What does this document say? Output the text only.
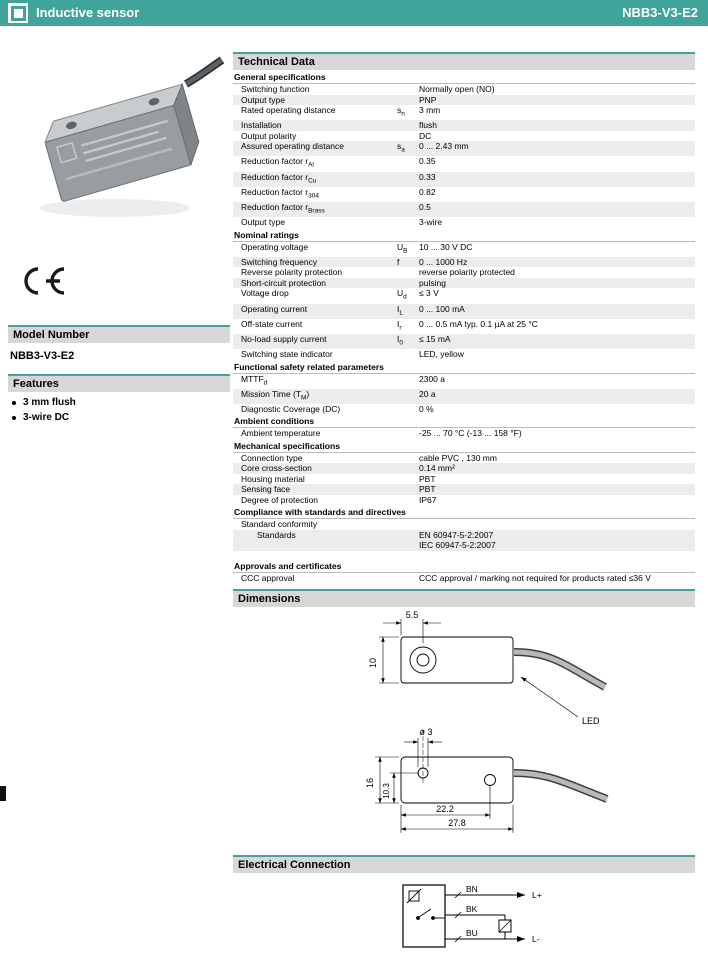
Inductive sensor	NBB3-V3-E2
Model Number
NBB3-V3-E2
Features
3 mm flush
3-wire DC
Technical Data
General specifications
Switching function	Normally open (NO)
Output type	PNP
Rated operating distance	$s_n$	3 mm
Installation	flush
Output polarity	DC
Assured operating distance	$s_a$	0 ... 2.43 mm
Reduction factor $r_{Al}$	0.35
Reduction factor $r_{Cu}$	0.33
Reduction factor $r_{304}$	0.82
Reduction factor $r_{Brass}$	0.5
Output type	3-wire
Nominal ratings
Operating voltage	$U_B$	10 ... 30 V DC
Switching frequency	f	0 ... 1000 Hz
Reverse polarity protection	reverse polarity protected
Short-circuit protection	pulsing
Voltage drop	$U_d$	≤ 3 V
Operating current	$I_L$	0 ... 100 mA
Off-state current	$I_r$	0 ... 0.5 mA typ. 0.1 µA at 25 °C
No-load supply current	$I_0$	≤ 15 mA
Switching state indicator	LED, yellow
Functional safety related parameters
$MTTF_d$	2300 a
Mission Time $(T_M)$	20 a
Diagnostic Coverage (DC)	0 %
Ambient conditions
Ambient temperature	-25 ... 70 °C (-13 ... 158 °F)
Mechanical specifications
Connection type	cable PVC , 130 mm
Core cross-section	0.14 mm²
Housing material	PBT
Sensing face	PBT
Degree of protection	IP67
Compliance with standards and directives
Standard conformity
Standards	EN 60947-5-2:2007
IEC 60947-5-2:2007
Approvals and certificates
CCC approval	CCC approval / marking not required for products rated ≤36 V
Dimensions
5.5
10
LED
ø 3
16
10.3
22.2
27.8
Electrical Connection
BN
BK
BU
L+
L-
